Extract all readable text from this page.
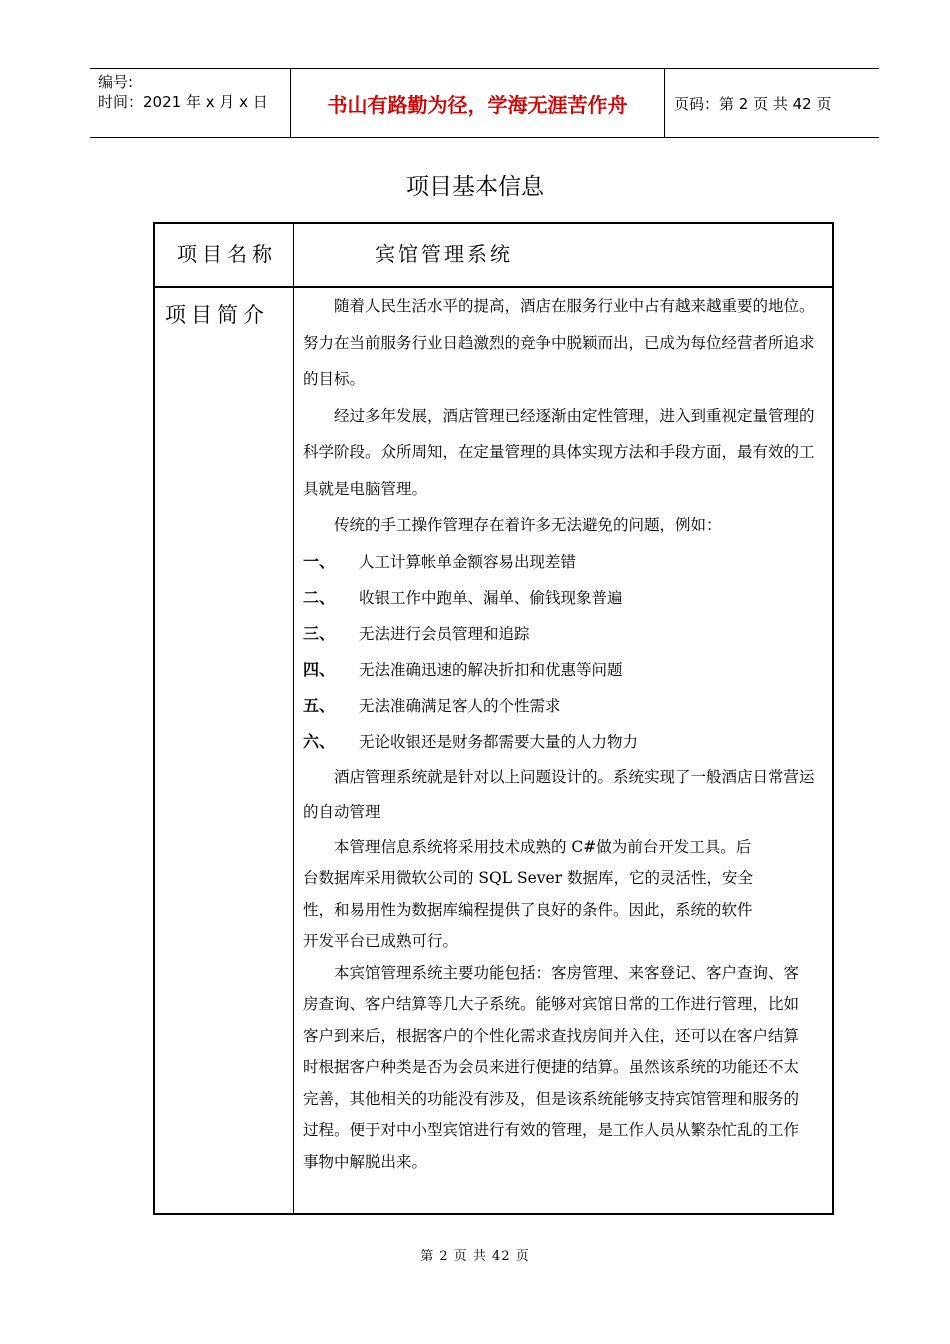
编号:
时间：2021 年 x 月 x 日	书山有路勤为径，学海无涯苦作舟	页码：第 2 页 共 42 页
项目基本信息
项目名称	宾馆管理系统
项目简介	随着人民生活水平的提高，酒店在服务行业中占有越来越重要的地位。努力在当前服务行业日趋激烈的竞争中脱颖而出，已成为每位经营者所追求的目标。

经过多年发展，酒店管理已经逐渐由定性管理，进入到重视定量管理的科学阶段。众所周知，在定量管理的具体实现方法和手段方面，最有效的工具就是电脑管理。

传统的手工操作管理存在着许多无法避免的问题，例如：

一、 人工计算帐单金额容易出现差错
二、 收银工作中跑单、漏单、偷钱现象普遍
三、 无法进行会员管理和追踪
四、 无法准确迅速的解决折扣和优惠等问题
五、 无法准确满足客人的个性需求
六、 无论收银还是财务都需要大量的人力物力

酒店管理系统就是针对以上问题设计的。系统实现了一般酒店日常营运的自动管理

本管理信息系统将采用技术成熟的 C#做为前台开发工具。后台数据库采用微软公司的 SQL Sever 数据库，它的灵活性，安全性，和易用性为数据库编程提供了良好的条件。因此，系统的软件开发平台已成熟可行。

本宾馆管理系统主要功能包括：客房管理、来客登记、客户查询、客房查询、客户结算等几大子系统。能够对宾馆日常的工作进行管理，比如客户到来后，根据客户的个性化需求查找房间并入住，还可以在客户结算时根据客户种类是否为会员来进行便捷的结算。虽然该系统的功能还不太完善，其他相关的功能没有涉及，但是该系统能够支持宾馆管理和服务的过程。便于对中小型宾馆进行有效的管理，是工作人员从繁杂忙乱的工作事物中解脱出来。

第 2 页 共 42 页
